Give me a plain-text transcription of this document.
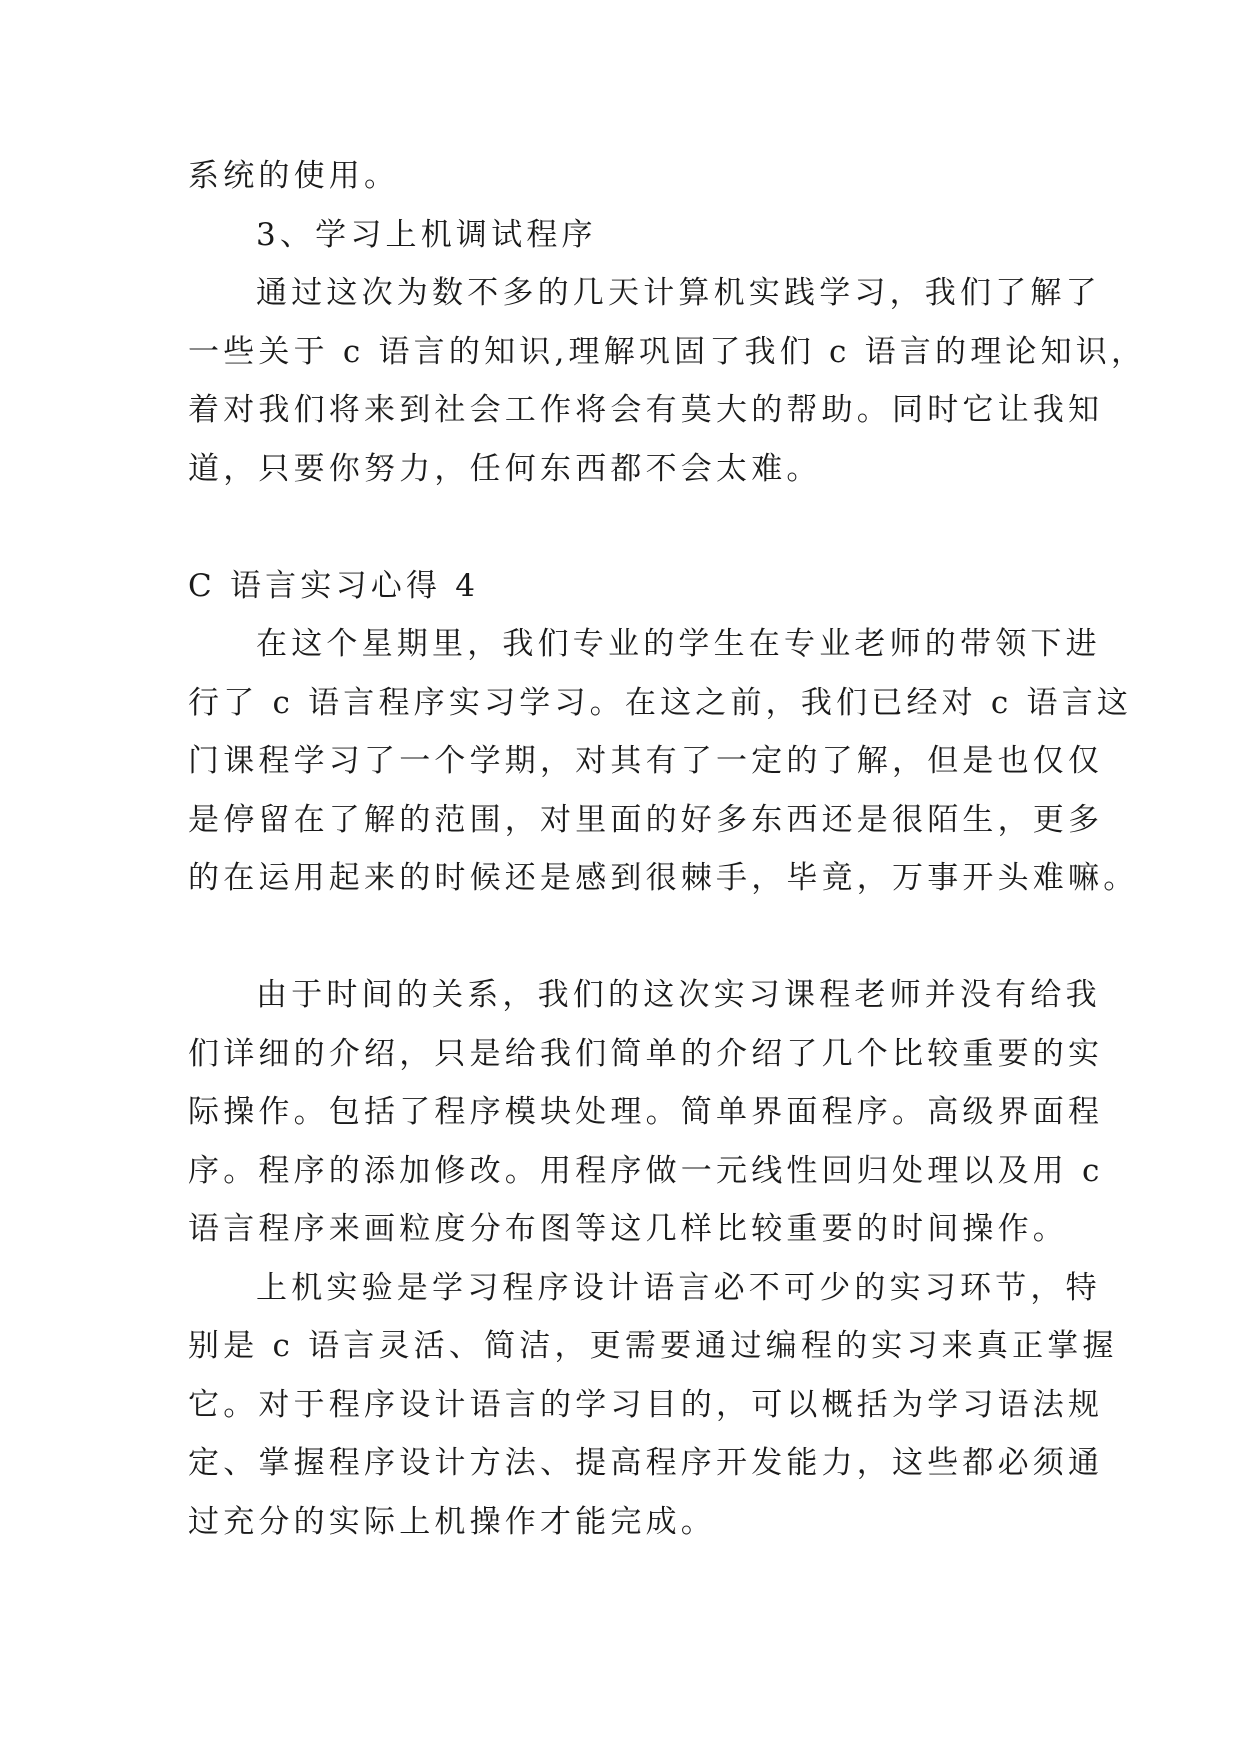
系统的使用。
3、学习上机调试程序
通过这次为数不多的几天计算机实践学习，我们了解了
一些关于 c 语言的知识,理解巩固了我们 c 语言的理论知识，
着对我们将来到社会工作将会有莫大的帮助。同时它让我知
道，只要你努力，任何东西都不会太难。
C 语言实习心得 4
在这个星期里，我们专业的学生在专业老师的带领下进
行了 c 语言程序实习学习。在这之前，我们已经对 c 语言这
门课程学习了一个学期，对其有了一定的了解，但是也仅仅
是停留在了解的范围，对里面的好多东西还是很陌生，更多
的在运用起来的时候还是感到很棘手，毕竟，万事开头难嘛。
由于时间的关系，我们的这次实习课程老师并没有给我
们详细的介绍，只是给我们简单的介绍了几个比较重要的实
际操作。包括了程序模块处理。简单界面程序。高级界面程
序。程序的添加修改。用程序做一元线性回归处理以及用 c
语言程序来画粒度分布图等这几样比较重要的时间操作。
上机实验是学习程序设计语言必不可少的实习环节，特
别是 c 语言灵活、简洁，更需要通过编程的实习来真正掌握
它。对于程序设计语言的学习目的，可以概括为学习语法规
定、掌握程序设计方法、提高程序开发能力，这些都必须通
过充分的实际上机操作才能完成。
